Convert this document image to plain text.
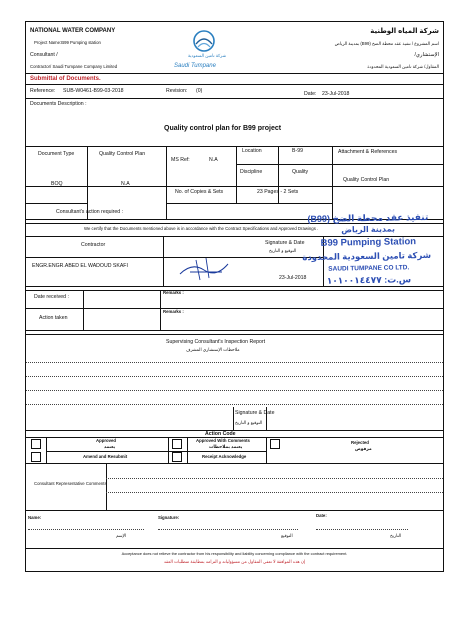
NATIONAL WATER COMPANY
Project Name:B99 Pumping station
Consultant /
Contractor/ Saudi Tumpane Company Limited
شركة المياه الوطنية
اسم المشروع / تنفيذ عقد محطة الضخ (B99) بمدينة الرياض
الإستشاري/
المقاول/ شركة تامين السعودية المحدودة
شركة تامين السعودية
Saudi Tumpane
Submittal of Documents.
Reference: SUB-W0461-B99-03-2018	Revision: (0)	Date: 23-Jul-2018
Documents Description :
Quality control plan for B99 project
Document Type	Quality Control Plan
MS Ref:	N.A
Location	B-99
Discipline	Quality
Attachment & References
Quality Control Plan
BOQ	N.A
No. of Copies & Sets	23 Pages - 2 Sets
Consultant's action required :
We certify that the Documents mentioned above is in accordance with the Contract Specifications and Approved Drawings .
Contractor	Signature & Date
التوقيع و التاريخ
ENGR.ENGR.ABED EL WADOUD SKAFI
23-Jul-2018
تنفيذ عقد محطة الضخ (B99)
بمدينة الرياض
B99 Pumping Station
شركة تامين السعودية المحدودة
SAUDI TUMPANE CO LTD.
س.ت: ١٠١٠٠١٤٤٧٧
Date received :
Remarks :
Action taken
Remarks :
Supervising Consultant's Inspection Report
ملاحظات الإستشاري المشرف
Signature & Date
التوقيع و التاريخ
Action Code
Approved
يعتمد
Approved With Comments
يعتمد بملاحظات
Rejected
مرفوض
Amend and Resubmit	Receipt Acknowledge
Consultant Representative Comments
Name:	Signature:	Date:
الإسم	التوقيع	التاريخ
Acceptance does not relieve the contractor from his responsibility and liability concerning compliance with the contract requirement.
إن هذه الموافقة لا تعفي المقاول من مسؤولياته و التزامه بمطابقة متطلبات العقد
